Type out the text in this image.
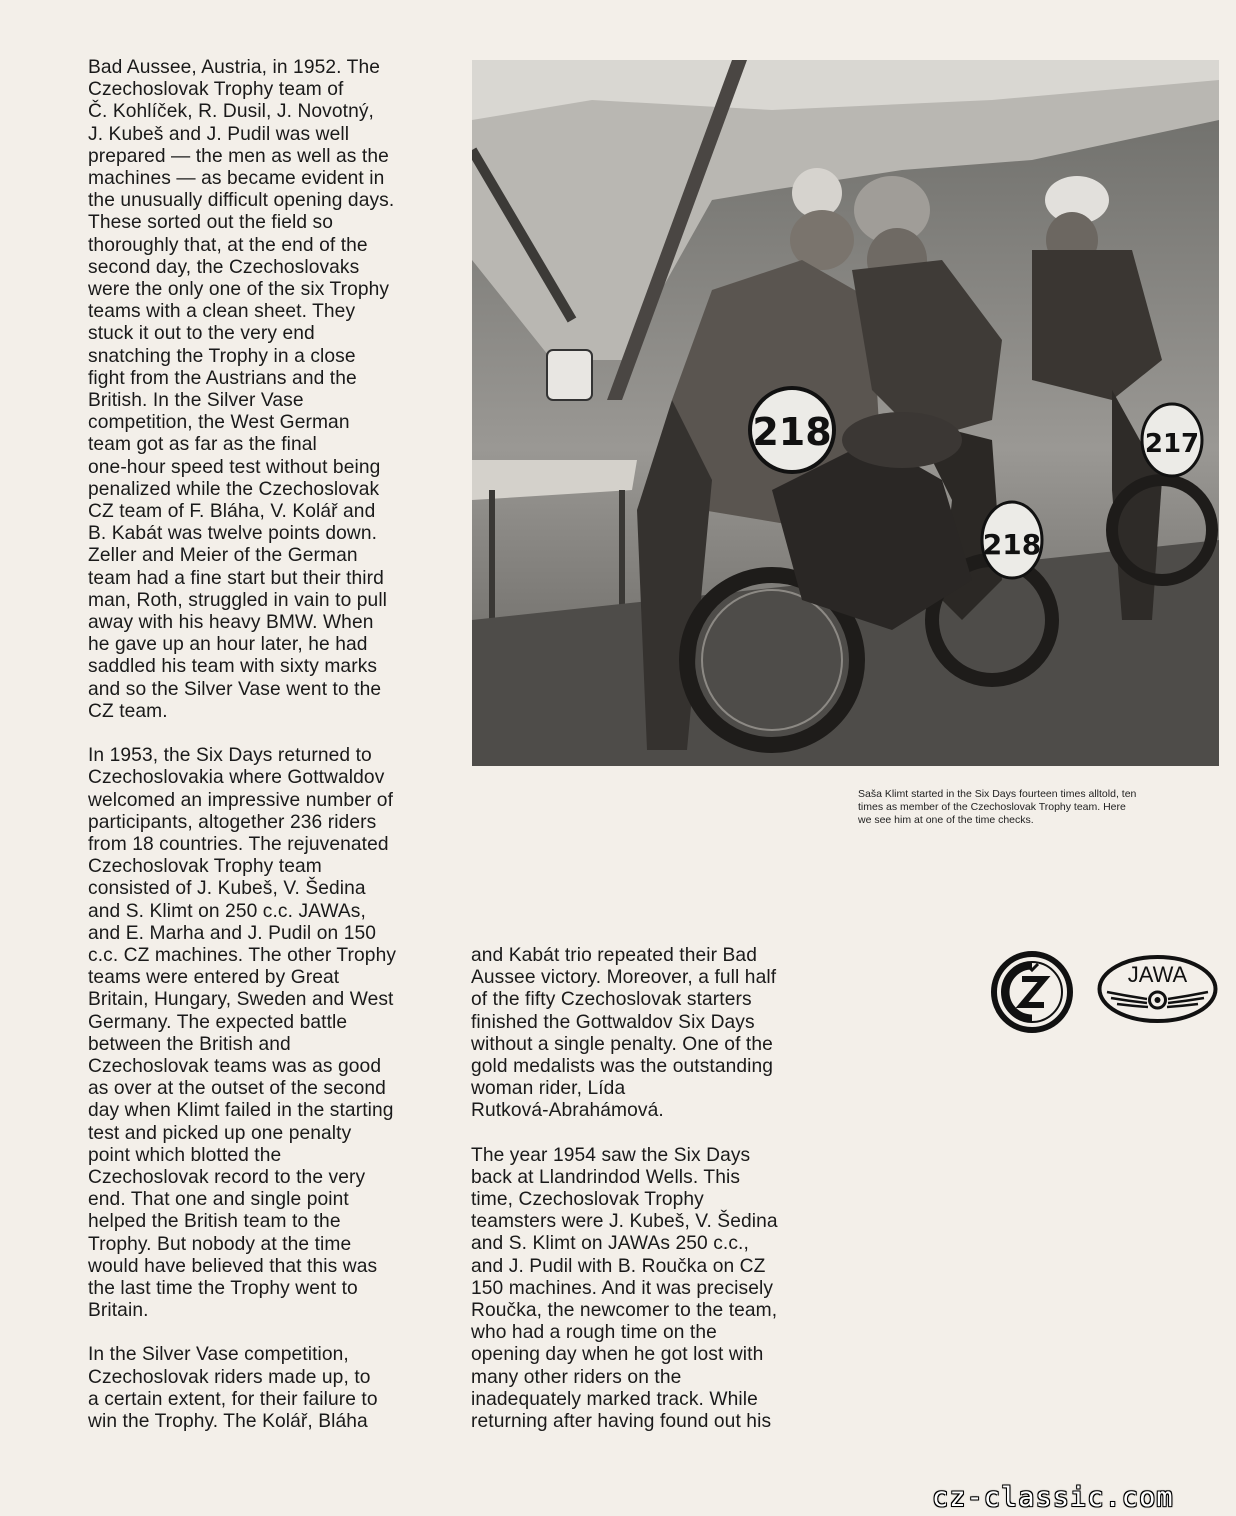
Bad Aussee, Austria, in 1952. The
Czechoslovak Trophy team of
Č. Kohlíček, R. Dusil, J. Novotný,
J. Kubeš and J. Pudil was well
prepared — the men as well as the
machines — as became evident in
the unusually difficult opening days.
These sorted out the field so
thoroughly that, at the end of the
second day, the Czechoslovaks
were the only one of the six Trophy
teams with a clean sheet. They
stuck it out to the very end
snatching the Trophy in a close
fight from the Austrians and the
British. In the Silver Vase
competition, the West German
team got as far as the final
one-hour speed test without being
penalized while the Czechoslovak
CZ team of F. Bláha, V. Kolář and
B. Kabát was twelve points down.
Zeller and Meier of the German
team had a fine start but their third
man, Roth, struggled in vain to pull
away with his heavy BMW. When
he gave up an hour later, he had
saddled his team with sixty marks
and so the Silver Vase went to the
CZ team.

In 1953, the Six Days returned to
Czechoslovakia where Gottwaldov
welcomed an impressive number of
participants, altogether 236 riders
from 18 countries. The rejuvenated
Czechoslovak Trophy team
consisted of J. Kubeš, V. Šedina
and S. Klimt on 250 c.c. JAWAs,
and E. Marha and J. Pudil on 150
c.c. CZ machines. The other Trophy
teams were entered by Great
Britain, Hungary, Sweden and West
Germany. The expected battle
between the British and
Czechoslovak teams was as good
as over at the outset of the second
day when Klimt failed in the starting
test and picked up one penalty
point which blotted the
Czechoslovak record to the very
end. That one and single point
helped the British team to the
Trophy. But nobody at the time
would have believed that this was
the last time the Trophy went to
Britain.

In the Silver Vase competition,
Czechoslovak riders made up, to
a certain extent, for their failure to
win the Trophy. The Kolář, Bláha

218
218
217
Saša Klimt started in the Six Days fourteen times alltold, ten
times as member of the Czechoslovak Trophy team. Here
we see him at one of the time checks.

and Kabát trio repeated their Bad
Aussee victory. Moreover, a full half
of the fifty Czechoslovak starters
finished the Gottwaldov Six Days
without a single penalty. One of the
gold medalists was the outstanding
woman rider, Lída
Rutková-Abrahámová.

The year 1954 saw the Six Days
back at Llandrindod Wells. This
time, Czechoslovak Trophy
teamsters were J. Kubeš, V. Šedina
and S. Klimt on JAWAs 250 c.c.,
and J. Pudil with B. Roučka on CZ
150 machines. And it was precisely
Roučka, the newcomer to the team,
who had a rough time on the
opening day when he got lost with
many other riders on the
inadequately marked track. While
returning after having found out his

JAWA
cz-classic.com
